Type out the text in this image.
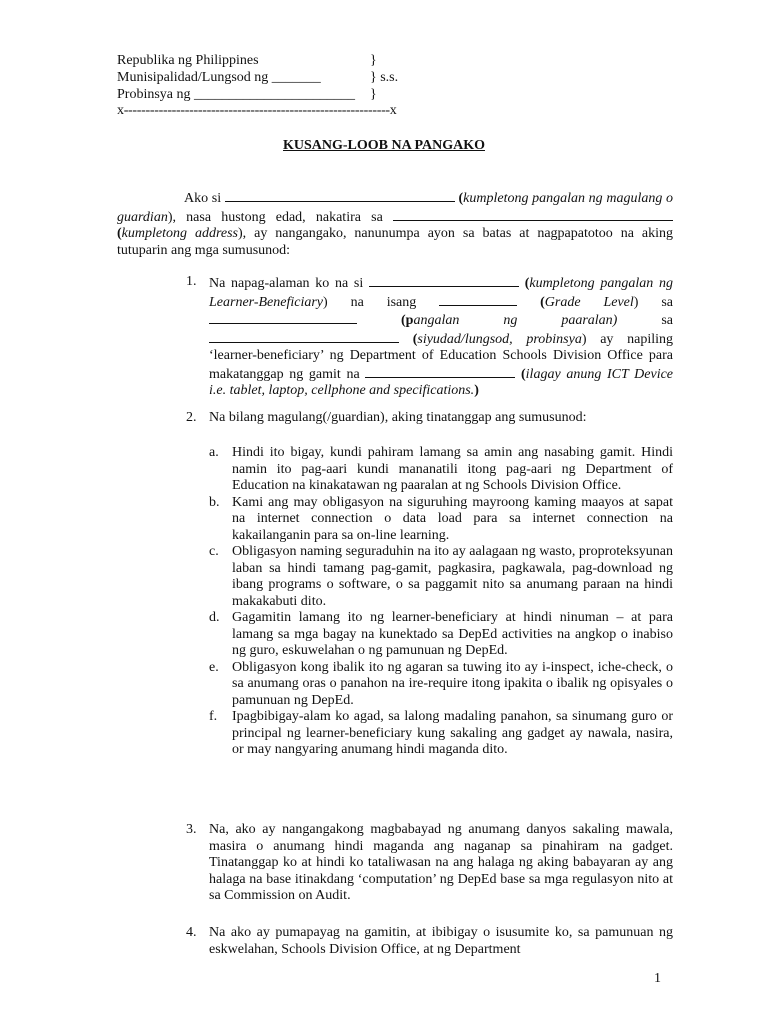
Republika ng Philippines	}
Munisipalidad/Lungsod ng _______	} s.s.
Probinsya ng _______________________ }
x-------------------------------------------------------------x
KUSANG-LOOB NA PANGAKO

Ako si	(kumpletong pangalan ng magulang o guardian), nasa hustong edad, nakatira sa  (kumpletong address), ay nangangako, nanunumpa ayon sa batas at nagpapatotoo na aking tutuparin ang mga sumusunod:

1. Na napag-alaman ko na si	(kumpletong pangalan ng Learner-Beneficiary) na isang	(Grade Level) sa  (pangalan ng paaralan)	sa  (siyudad/lungsod, probinsya) ay napiling ‘learner-beneficiary’ ng Department of Education Schools Division Office para makatanggap ng gamit na	(ilagay anung ICT Device i.e. tablet, laptop, cellphone and specifications.)
2. Na bilang magulang(/guardian), aking tinatanggap ang sumusunod:
a. Hindi ito bigay, kundi pahiram lamang sa amin ang nasabing gamit. Hindi namin ito pag-aari kundi mananatili itong pag-aari ng Department of Education na kinakatawan ng paaralan at ng Schools Division Office.
b. Kami ang may obligasyon na siguruhing mayroong kaming maayos at sapat na internet connection o data load para sa internet connection na kakailanganin para sa on-line learning.
c. Obligasyon naming seguraduhin na ito ay aalagaan ng wasto, proproteksyunan laban sa hindi tamang pag-gamit, pagkasira, pagkawala, pag-download ng ibang programs o software, o sa paggamit nito sa anumang paraan na hindi makakabuti dito.
d. Gagamitin lamang ito ng learner-beneficiary at hindi ninuman – at para lamang sa mga bagay na kunektado sa DepEd activities na angkop o inabiso ng guro, eskuwelahan o ng pamunuan ng DepEd.
e. Obligasyon kong ibalik ito ng agaran sa tuwing ito ay i-inspect, iche-check, o sa anumang oras o panahon na ire-require itong ipakita o ibalik ng opisyales o pamunuan ng DepEd.
f. Ipagbibigay-alam ko agad, sa lalong madaling panahon, sa sinumang guro or principal ng learner-beneficiary kung sakaling ang gadget ay nawala, nasira, or may nangyaring anumang hindi maganda dito.
3. Na, ako ay nangangakong magbabayad ng anumang danyos sakaling mawala, masira o anumang hindi maganda ang naganap sa pinahiram na gadget. Tinatanggap ko at hindi ko tataliwasan na ang halaga ng aking babayaran ay ang halaga na base itinakdang ‘computation’ ng DepEd base sa mga regulasyon nito at sa Commission on Audit.
4. Na ako ay pumapayag na gamitin, at ibibigay o isusumite ko, sa pamunuan ng eskwelahan, Schools Division Office, at ng Department
1
